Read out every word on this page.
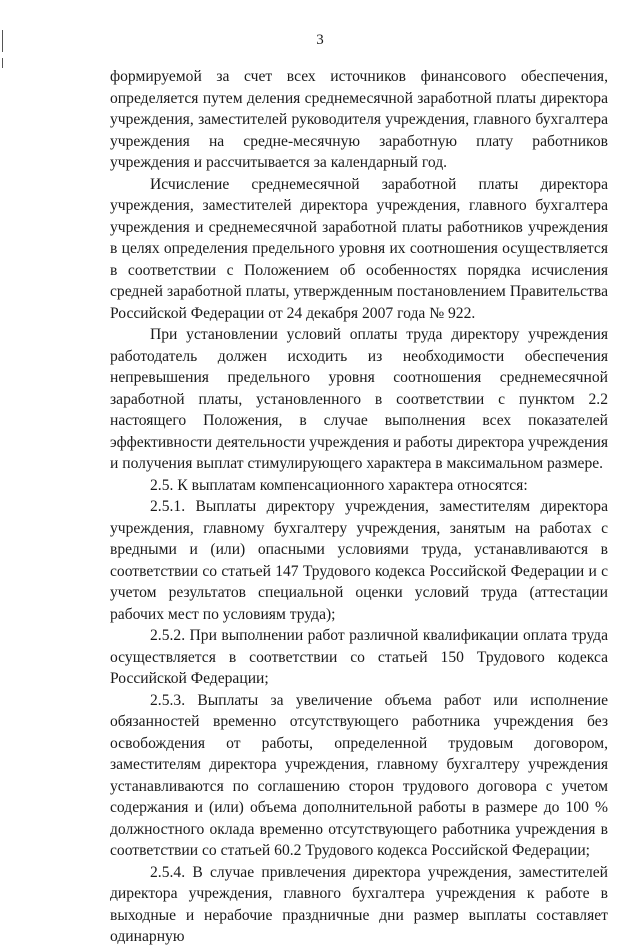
3

формируемой за счет всех источников финансового обеспечения, определяется путем деления среднемесячной заработной платы директора учреждения, заместителей руководителя учреждения, главного бухгалтера учреждения на средне-месячную заработную плату работников учреждения и рассчитывается за календарный год.

Исчисление среднемесячной заработной платы директора учреждения, заместителей директора учреждения, главного бухгалтера учреждения и среднемесячной заработной платы работников учреждения в целях определения предельного уровня их соотношения осуществляется в соответствии с Положением об особенностях порядка исчисления средней заработной платы, утвержденным постановлением Правительства Российской Федерации от 24 декабря 2007 года № 922.

При установлении условий оплаты труда директору учреждения работодатель должен исходить из необходимости обеспечения непревышения предельного уровня соотношения среднемесячной заработной платы, установленного в соответствии с пунктом 2.2 настоящего Положения, в случае выполнения всех показателей эффективности деятельности учреждения и работы директора учреждения и получения выплат стимулирующего характера в максимальном размере.

2.5. К выплатам компенсационного характера относятся:

2.5.1. Выплаты директору учреждения, заместителям директора учреждения, главному бухгалтеру учреждения, занятым на работах с вредными и (или) опасными условиями труда, устанавливаются в соответствии со статьей 147 Трудового кодекса Российской Федерации и с учетом результатов специальной оценки условий труда (аттестации рабочих мест по условиям труда);

2.5.2. При выполнении работ различной квалификации оплата труда осуществляется в соответствии со статьей 150 Трудового кодекса Российской Федерации;

2.5.3. Выплаты за увеличение объема работ или исполнение обязанностей временно отсутствующего работника учреждения без освобождения от работы, определенной трудовым договором, заместителям директора учреждения, главному бухгалтеру учреждения устанавливаются по соглашению сторон трудового договора с учетом содержания и (или) объема дополнительной работы в размере до 100 % должностного оклада временно отсутствующего работника учреждения в соответствии со статьей 60.2 Трудового кодекса Российской Федерации;

2.5.4. В случае привлечения директора учреждения, заместителей директора учреждения, главного бухгалтера учреждения к работе в выходные и нерабочие праздничные дни размер выплаты составляет одинарную
